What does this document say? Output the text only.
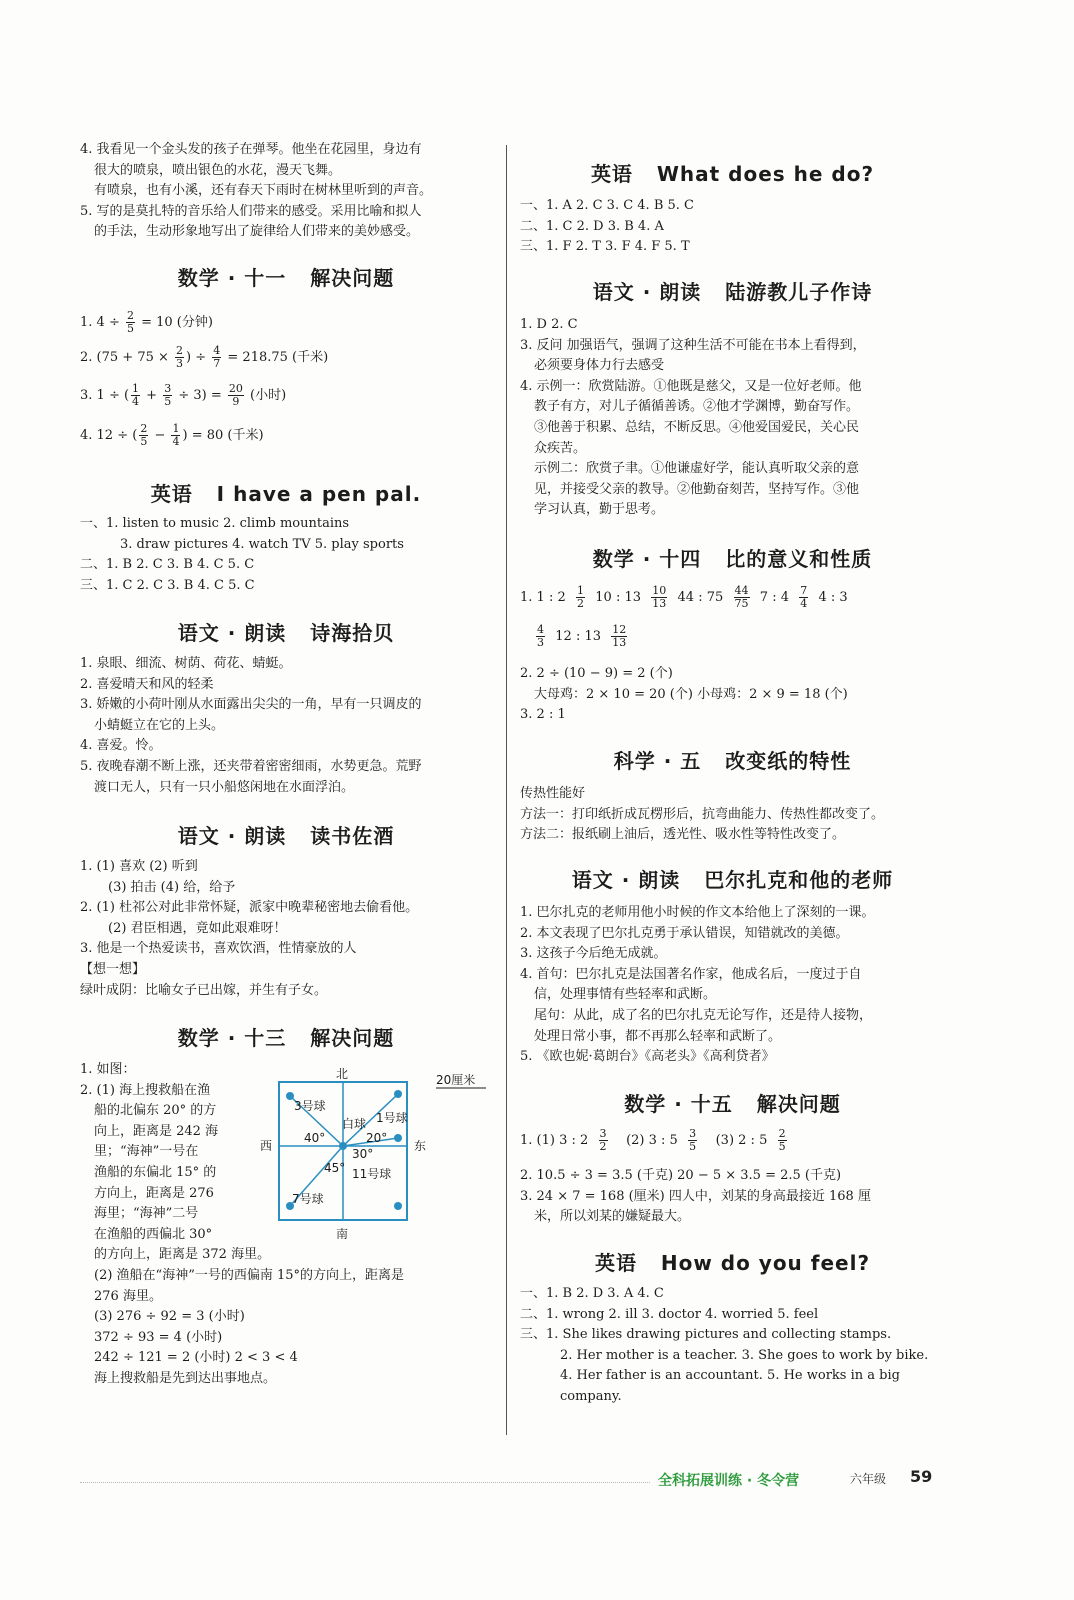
4. 我看见一个金头发的孩子在弹琴。他坐在花园里，身边有
很大的喷泉，喷出银色的水花，漫天飞舞。
有喷泉，也有小溪，还有春天下雨时在树林里听到的声音。
5. 写的是莫扎特的音乐给人们带来的感受。采用比喻和拟人
的手法，生动形象地写出了旋律给人们带来的美妙感受。
数学 · 十一   解决问题
1. $4 \div \frac{2}{5} = 10$ (分钟)
2. ($75 + 75 \times \frac{2}{3}$ ) ÷ $\frac{4}{7} = 218.75$ (千米)
3. 1 ÷ ( $\frac{1}{4} + \frac{3}{5} \div 3) = \frac{20}{9}$ (小时)
4. 12 ÷ ( $\frac{2}{5} - \frac{1}{4}$ ) = 80 (千米)
英语   I have a pen pal.
一、1. listen to music 2. climb mountains
3. draw pictures 4. watch TV 5. play sports
二、1. B 2. C 3. B 4. C 5. C
三、1. C 2. C 3. B 4. C 5. C
语文 · 朗读   诗海拾贝
1. 泉眼、细流、树荫、荷花、蜻蜓。
2. 喜爱晴天和风的轻柔
3. 娇嫩的小荷叶刚从水面露出尖尖的一角，早有一只调皮的
小蜻蜓立在它的上头。
4. 喜爱。怜。
5. 夜晚春潮不断上涨，还夹带着密密细雨，水势更急。荒野
渡口无人，只有一只小船悠闲地在水面浮泊。
语文 · 朗读   读书佐酒
1. (1) 喜欢 (2) 听到
(3) 拍击 (4) 给，给予
2. (1) 杜祁公对此非常怀疑，派家中晚辈秘密地去偷看他。
(2) 君臣相遇，竟如此艰难呀！
3. 他是一个热爱读书，喜欢饮酒，性情豪放的人
【想一想】
绿叶成阴：比喻女子已出嫁，并生有子女。
数学 · 十三   解决问题
1. 如图：
2. (1) 海上搜救船在渔
船的北偏东 20° 的方
向上，距离是 242 海
里；“海神”一号在
渔船的东偏北 15° 的
方向上，距离是 276
海里；“海神”二号
在渔船的西偏北 30°
的方向上，距离是 372 海里。
(2) 渔船在“海神”一号的西偏南 15°的方向上，距离是
276 海里。
(3) 276 ÷ 92 = 3 (小时)
372 ÷ 93 = 4 (小时)
242 ÷ 121 = 2 (小时) 2 < 3 < 4
海上搜救船是先到达出事地点。
北
南
西	东
3号球
1号球
白球
11号球
7号球
40°	20°
30°
45°
20厘米
英语   What does he do?
一、1. A 2. C 3. C 4. B 5. C
二、1. C 2. D 3. B 4. A
三、1. F 2. T 3. F 4. F 5. T
语文 · 朗读   陆游教儿子作诗
1. D 2. C
3. 反问 加强语气，强调了这种生活不可能在书本上看得到，
必须要身体力行去感受
4. 示例一：欣赏陆游。①他既是慈父，又是一位好老师。他
教子有方，对儿子循循善诱。②他才学渊博，勤奋写作。
③他善于积累、总结，不断反思。④他爱国爱民，关心民
众疾苦。
示例二：欣赏子聿。①他谦虚好学，能认真听取父亲的意
见，并接受父亲的教导。②他勤奋刻苦，坚持写作。③他
学习认真，勤于思考。
数学 · 十四   比的意义和性质
1. 1 : $2 \frac{1}{2} 10$ : $13 \frac{10}{13} 44$ : $75 \frac{44}{75} 7$ : $4 \frac{7}{4} 4$ : 3
$\frac{4}{3} 12$ : $13 \frac{12}{13}$
2. 2 ÷ (10 − 9) = 2 (个)
大母鸡：2 × 10 = 20 (个) 小母鸡：2 × 9 = 18 (个)
3. 2 : 1
科学 · 五   改变纸的特性
传热性能好
方法一：打印纸折成瓦楞形后，抗弯曲能力、传热性都改变了。
方法二：报纸刷上油后，透光性、吸水性等特性改变了。
语文 · 朗读   巴尔扎克和他的老师
1. 巴尔扎克的老师用他小时候的作文本给他上了深刻的一课。
2. 本文表现了巴尔扎克勇于承认错误，知错就改的美德。
3. 这孩子今后绝无成就。
4. 首句：巴尔扎克是法国著名作家，他成名后，一度过于自
信，处理事情有些轻率和武断。
尾句：从此，成了名的巴尔扎克无论写作，还是待人接物，
处理日常小事，都不再那么轻率和武断了。
5. 《欧也妮·葛朗台》《高老头》《高利贷者》
数学 · 十五   解决问题
1. (1) 3 : $2 \frac{3}{2} (2)$ 3 : $5 \frac{3}{5} (3)$ 2 : $5 \frac{2}{5}$
2. 10.5 ÷ 3 = 3.5 (千克) 20 − 5 × 3.5 = 2.5 (千克)
3. 24 × 7 = 168 (厘米) 四人中，刘某的身高最接近 168 厘
米，所以刘某的嫌疑最大。
英语   How do you feel?
一、1. B 2. D 3. A 4. C
二、1. wrong 2. ill 3. doctor 4. worried 5. feel
三、1. She likes drawing pictures and collecting stamps.
2. Her mother is a teacher. 3. She goes to work by bike.
4. Her father is an accountant. 5. He works in a big
company.
全科拓展训练 · 冬令营	六年级 59
